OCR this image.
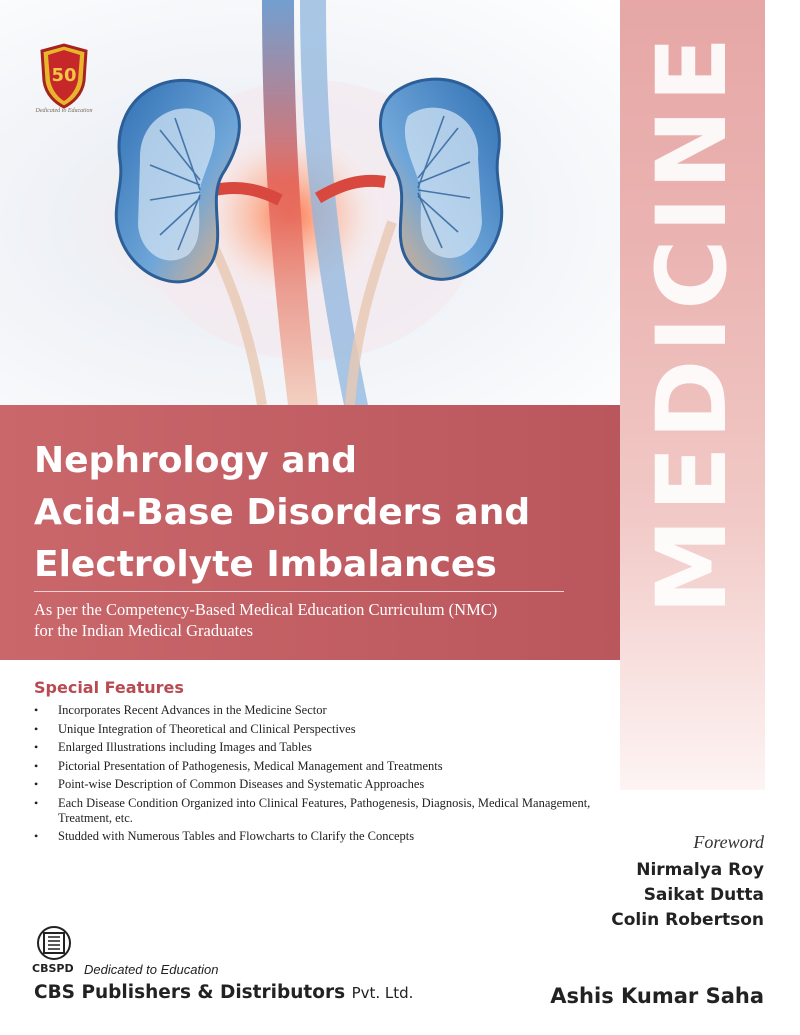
50
Dedicated to Education	MEDICINE
Nephrology and
Acid-Base Disorders and
Electrolyte Imbalances
As per the Competency-Based Medical Education Curriculum (NMC)
for the Indian Medical Graduates
Special Features
• Incorporates Recent Advances in the Medicine Sector
• Unique Integration of Theoretical and Clinical Perspectives
• Enlarged Illustrations including Images and Tables
• Pictorial Presentation of Pathogenesis, Medical Management and Treatments
• Point-wise Description of Common Diseases and Systematic Approaches
• Each Disease Condition Organized into Clinical Features, Pathogenesis, Diagnosis, Medical Management, Treatment, etc.
• Studded with Numerous Tables and Flowcharts to Clarify the Concepts	Foreword
Nirmalya Roy
Saikat Dutta
Colin Robertson
Ashis Kumar Saha
CBSPD Dedicated to Education
CBS Publishers & Distributors Pvt. Ltd.
